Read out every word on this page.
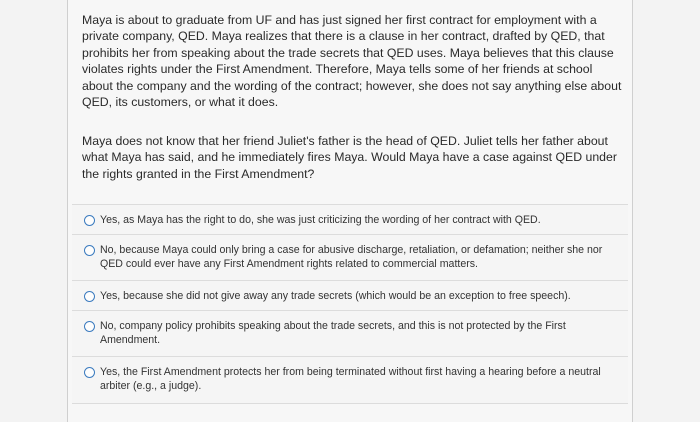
Maya is about to graduate from UF and has just signed her first contract for employment with a private company, QED. Maya realizes that there is a clause in her contract, drafted by QED, that prohibits her from speaking about the trade secrets that QED uses. Maya believes that this clause violates rights under the First Amendment. Therefore, Maya tells some of her friends at school about the company and the wording of the contract; however, she does not say anything else about QED, its customers, or what it does.

Maya does not know that her friend Juliet's father is the head of QED. Juliet tells her father about what Maya has said, and he immediately fires Maya. Would Maya have a case against QED under the rights granted in the First Amendment?

Yes, as Maya has the right to do, she was just criticizing the wording of her contract with QED.
No, because Maya could only bring a case for abusive discharge, retaliation, or defamation; neither she nor QED could ever have any First Amendment rights related to commercial matters.
Yes, because she did not give away any trade secrets (which would be an exception to free speech).
No, company policy prohibits speaking about the trade secrets, and this is not protected by the First Amendment.
Yes, the First Amendment protects her from being terminated without first having a hearing before a neutral arbiter (e.g., a judge).
